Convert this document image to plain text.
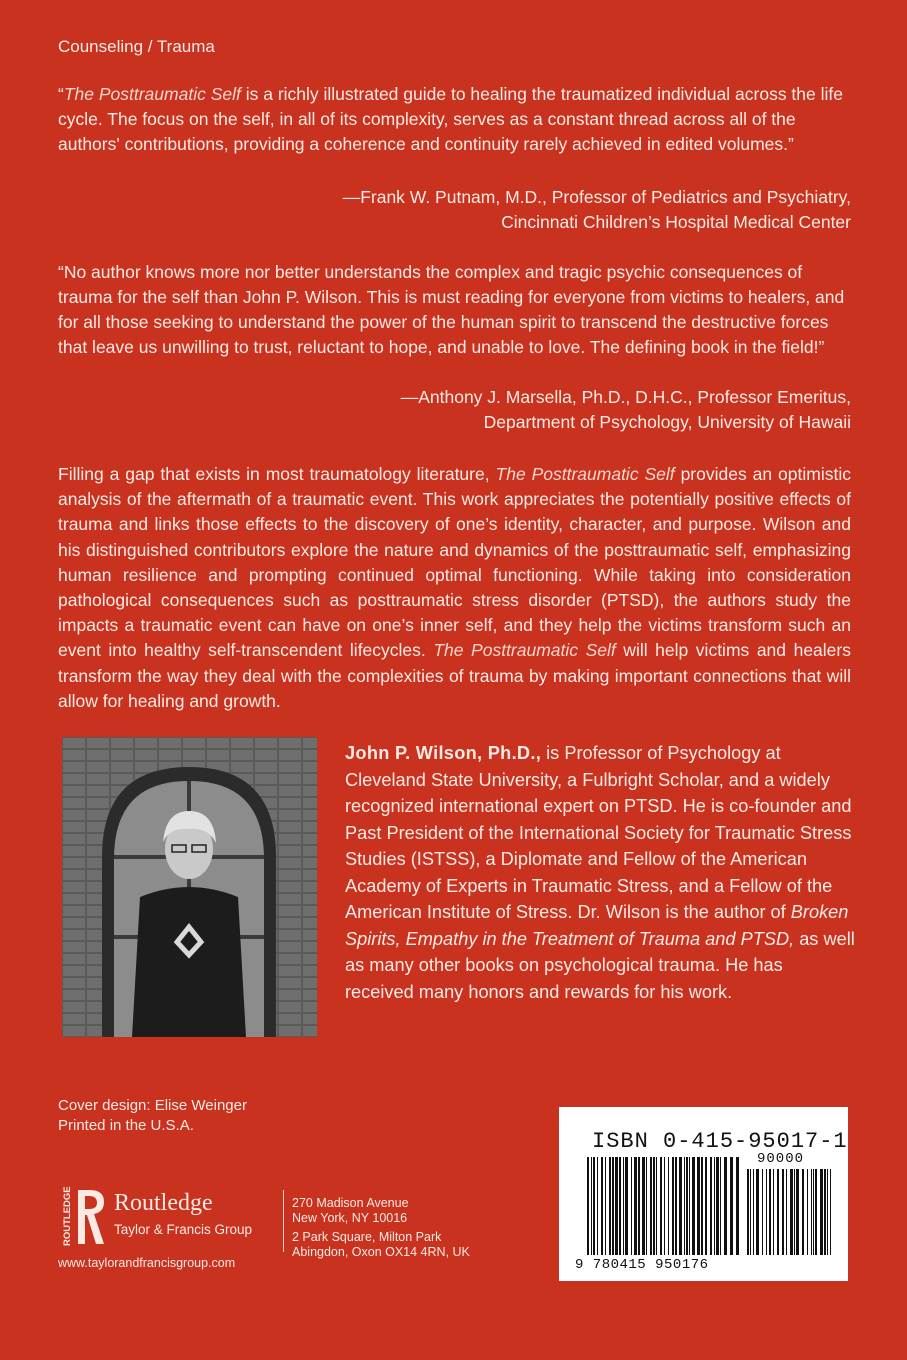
Counseling / Trauma
“The Posttraumatic Self is a richly illustrated guide to healing the traumatized individual across the life cycle. The focus on the self, in all of its complexity, serves as a constant thread across all of the authors' contributions, providing a coherence and continuity rarely achieved in edited volumes.”
—Frank W. Putnam, M.D., Professor of Pediatrics and Psychiatry,
Cincinnati Children’s Hospital Medical Center
“No author knows more nor better understands the complex and tragic psychic consequences of trauma for the self than John P. Wilson. This is must reading for everyone from victims to healers, and for all those seeking to understand the power of the human spirit to transcend the destructive forces that leave us unwilling to trust, reluctant to hope, and unable to love. The defining book in the field!”
—Anthony J. Marsella, Ph.D., D.H.C., Professor Emeritus,
Department of Psychology, University of Hawaii
Filling a gap that exists in most traumatology literature, The Posttraumatic Self provides an optimistic analysis of the aftermath of a traumatic event. This work appreciates the potentially positive effects of trauma and links those effects to the discovery of one’s identity, character, and purpose. Wilson and his distinguished contributors explore the nature and dynamics of the posttraumatic self, emphasizing human resilience and prompting continued optimal functioning. While taking into consideration pathological consequences such as posttraumatic stress disorder (PTSD), the authors study the impacts a traumatic event can have on one’s inner self, and they help the victims transform such an event into healthy self-transcendent lifecycles. The Posttraumatic Self will help victims and healers transform the way they deal with the complexities of trauma by making important connections that will allow for healing and growth.
John P. Wilson, Ph.D., is Professor of Psychology at Cleveland State University, a Fulbright Scholar, and a widely recognized international expert on PTSD. He is co-founder and Past President of the International Society for Traumatic Stress Studies (ISTSS), a Diplomate and Fellow of the American Academy of Experts in Traumatic Stress, and a Fellow of the American Institute of Stress. Dr. Wilson is the author of Broken Spirits, Empathy in the Treatment of Trauma and PTSD, as well as many other books on psychological trauma. He has received many honors and rewards for his work.
Cover design: Elise Weinger
Printed in the U.S.A.
ROUTLEDGE Routledge
Taylor & Francis Group
www.taylorandfrancisgroup.com
270 Madison Avenue
New York, NY 10016
2 Park Square, Milton Park
Abingdon, Oxon OX14 4RN, UK
ISBN 0-415-95017-1
90000
9 780415 950176
